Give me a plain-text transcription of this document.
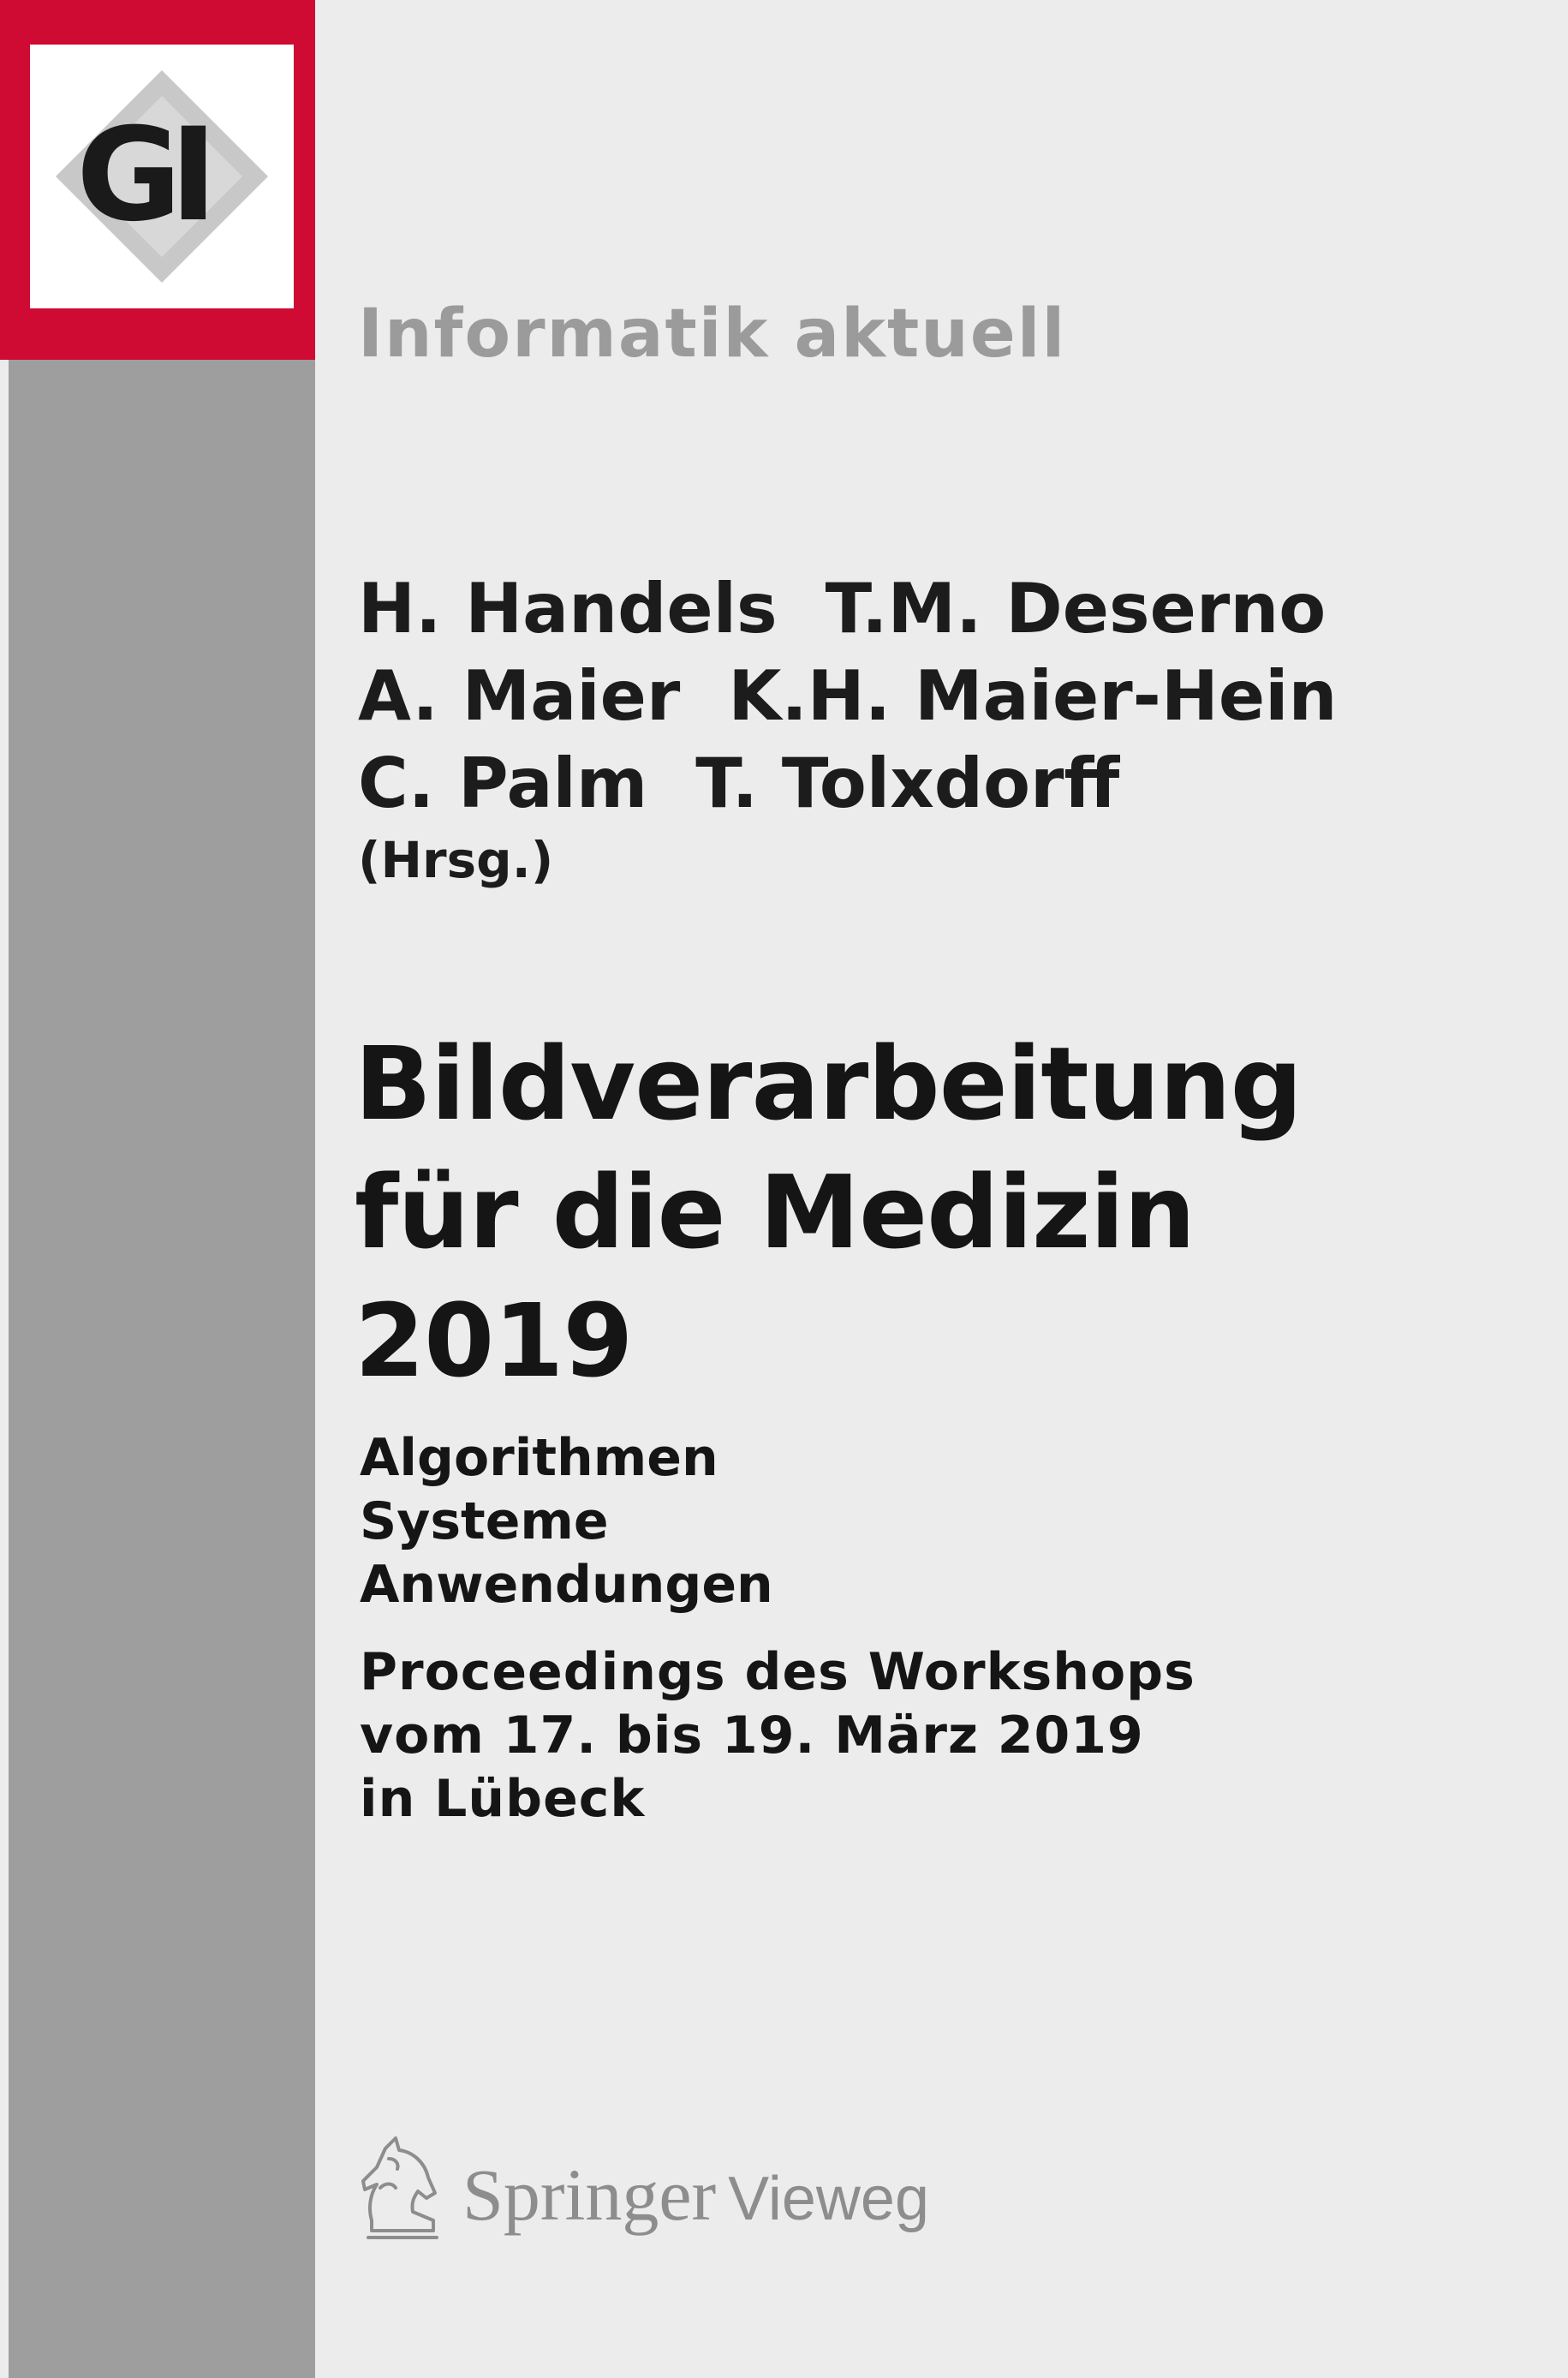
GI
Informatik aktuell
H. Handels T.M. Deserno
A. Maier K.H. Maier-Hein
C. Palm T. Tolxdorff
(Hrsg.)
Bildverarbeitung
für die Medizin
2019
Algorithmen
Systeme
Anwendungen
Proceedings des Workshops
vom 17. bis 19. März 2019
in Lübeck
Springer Vieweg
